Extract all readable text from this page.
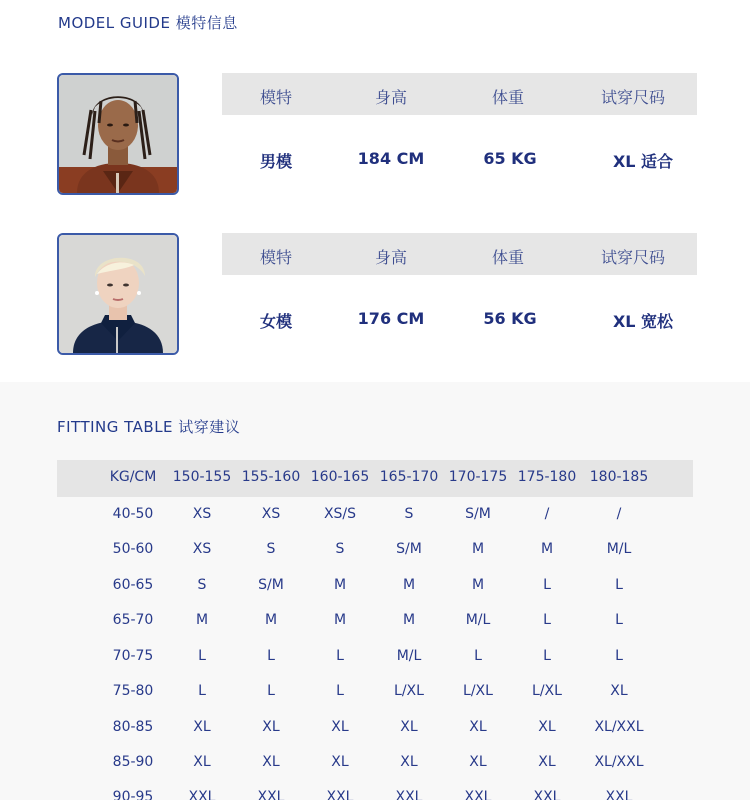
MODEL GUIDE 模特信息
模特	身高	体重	试穿尺码
男模	184 CM	65 KG	XL 适合
模特	身高	体重	试穿尺码
女模	176 CM	56 KG	XL 宽松
FITTING TABLE 试穿建议
KG/CM	150-155 155-160 160-165 165-170 170-175 175-180 180-185
40-50	XS	XS	XS/S	S	S/M	/	/
50-60	XS	S	S	S/M	M	M	M/L
60-65	S	S/M	M	M	M	L	L
65-70	M	M	M	M	M/L	L	L
70-75	L	L	L	M/L	L	L	L
75-80	L	L	L	L/XL	L/XL	L/XL	XL
80-85	XL	XL	XL	XL	XL	XL	XL/XXL
85-90	XL	XL	XL	XL	XL	XL	XL/XXL
90-95	XXL	XXL	XXL	XXL	XXL	XXL	XXL
